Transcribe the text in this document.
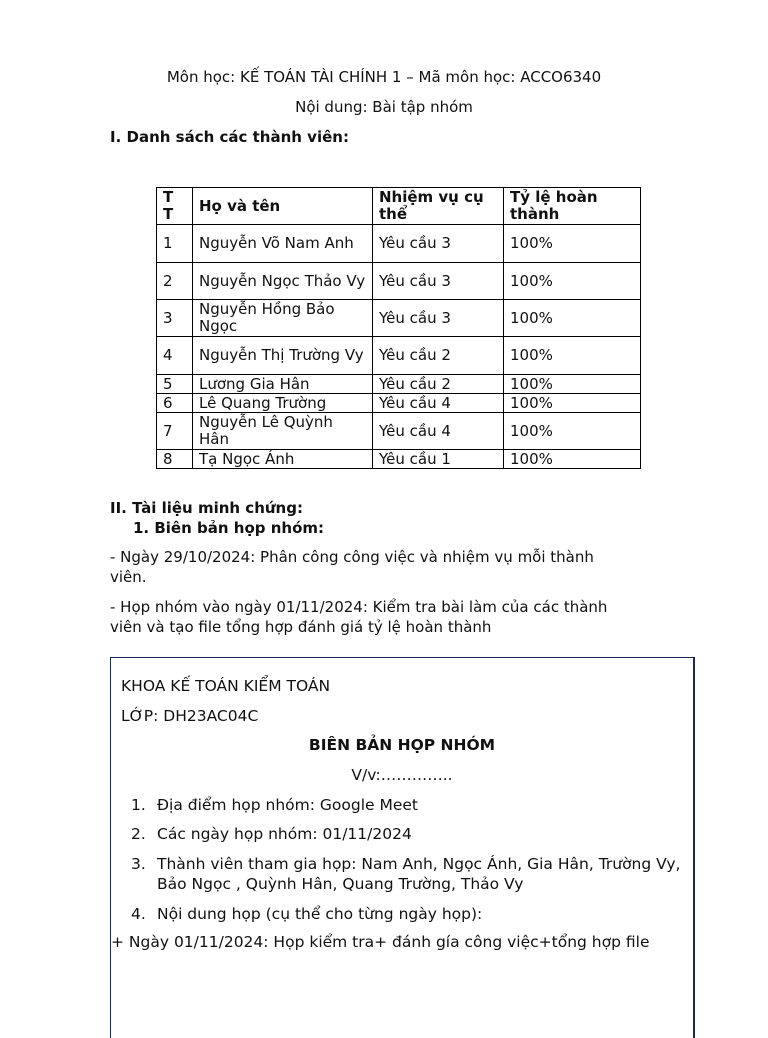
Môn học: KẾ TOÁN TÀI CHÍNH 1 – Mã môn học: ACCO6340
Nội dung: Bài tập nhóm
I. Danh sách các thành viên:
T T	Họ và tên	Nhiệm vụ cụ thể	Tỷ lệ hoàn thành
1	Nguyễn Võ Nam Anh	Yêu cầu 3	100%
2	Nguyễn Ngọc Thảo Vy	Yêu cầu 3	100%
3	Nguyễn Hồng Bảo Ngọc	Yêu cầu 3	100%
4	Nguyễn Thị Trường Vy	Yêu cầu 2	100%
5	Lương Gia Hân	Yêu cầu 2	100%
6	Lê Quang Trường	Yêu cầu 4	100%
7	Nguyễn Lê Quỳnh Hân	Yêu cầu 4	100%
8	Tạ Ngọc Ánh	Yêu cầu 1	100%
II. Tài liệu minh chứng:
1. Biên bản họp nhóm:
- Ngày 29/10/2024: Phân công công việc và nhiệm vụ mỗi thành
viên.
- Họp nhóm vào ngày 01/11/2024: Kiểm tra bài làm của các thành
viên và tạo file tổng hợp đánh giá tỷ lệ hoàn thành
KHOA KẾ TOÁN KIỂM TOÁN
LỚP: DH23AC04C
BIÊN BẢN HỌP NHÓM
V/v:…………..
1. Địa điểm họp nhóm: Google Meet
2. Các ngày họp nhóm: 01/11/2024
3. Thành viên tham gia họp: Nam Anh, Ngọc Ánh, Gia Hân, Trường Vy, Bảo Ngọc , Quỳnh Hân, Quang Trường, Thảo Vy
4. Nội dung họp (cụ thể cho từng ngày họp):
+ Ngày 01/11/2024: Họp kiểm tra+ đánh gía công việc+tổng hợp file
